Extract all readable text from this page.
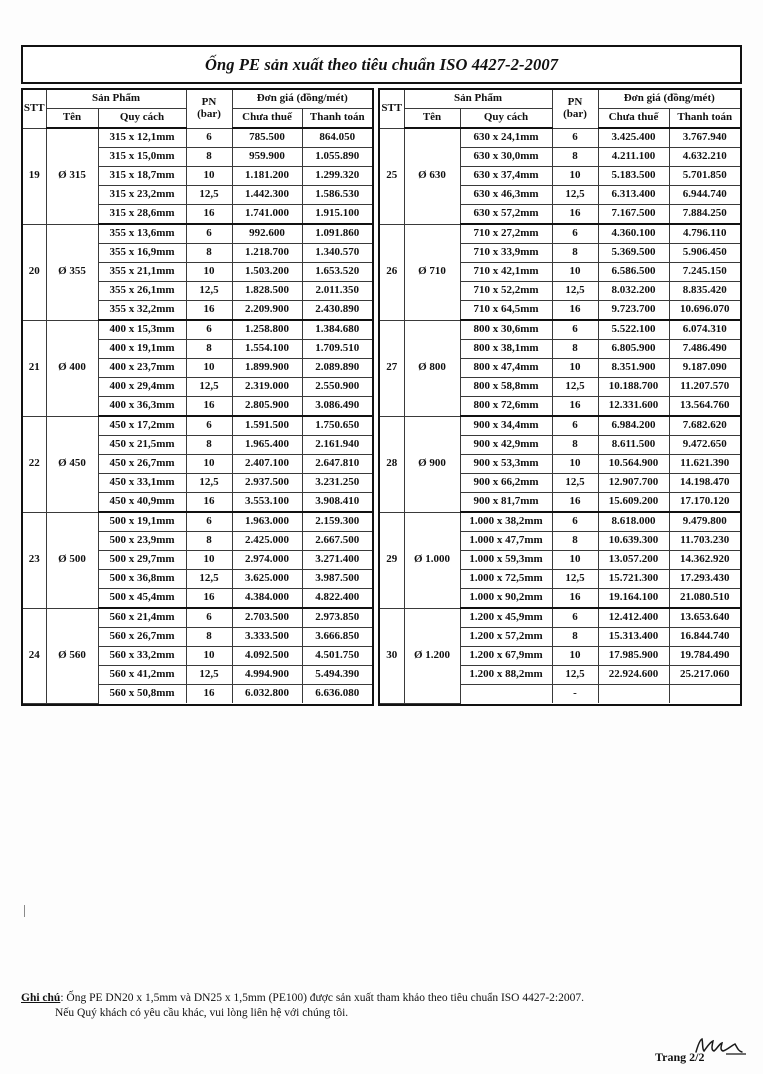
Ống PE sản xuất theo tiêu chuẩn ISO 4427-2-2007
STT	Sản Phẩm		PN
(bar)	Đơn giá (đồng/mét)	
	Tên	Quy cách		Chưa thuế	Thanh toán
19	Ø 315	315 x 12,1mm	6	785.500	864.050
		315 x 15,0mm	8	959.900	1.055.890
		315 x 18,7mm	10	1.181.200	1.299.320
		315 x 23,2mm	12,5	1.442.300	1.586.530
		315 x 28,6mm	16	1.741.000	1.915.100
20	Ø 355	355 x 13,6mm	6	992.600	1.091.860
		355 x 16,9mm	8	1.218.700	1.340.570
		355 x 21,1mm	10	1.503.200	1.653.520
		355 x 26,1mm	12,5	1.828.500	2.011.350
		355 x 32,2mm	16	2.209.900	2.430.890
21	Ø 400	400 x 15,3mm	6	1.258.800	1.384.680
		400 x 19,1mm	8	1.554.100	1.709.510
		400 x 23,7mm	10	1.899.900	2.089.890
		400 x 29,4mm	12,5	2.319.000	2.550.900
		400 x 36,3mm	16	2.805.900	3.086.490
22	Ø 450	450 x 17,2mm	6	1.591.500	1.750.650
		450 x 21,5mm	8	1.965.400	2.161.940
		450 x 26,7mm	10	2.407.100	2.647.810
		450 x 33,1mm	12,5	2.937.500	3.231.250
		450 x 40,9mm	16	3.553.100	3.908.410
23	Ø 500	500 x 19,1mm	6	1.963.000	2.159.300
		500 x 23,9mm	8	2.425.000	2.667.500
		500 x 29,7mm	10	2.974.000	3.271.400
		500 x 36,8mm	12,5	3.625.000	3.987.500
		500 x 45,4mm	16	4.384.000	4.822.400
24	Ø 560	560 x 21,4mm	6	2.703.500	2.973.850
		560 x 26,7mm	8	3.333.500	3.666.850
		560 x 33,2mm	10	4.092.500	4.501.750
		560 x 41,2mm	12,5	4.994.900	5.494.390
		560 x 50,8mm	16	6.032.800	6.636.080
STT	Sản Phẩm		PN
(bar)	Đơn giá (đồng/mét)	
	Tên	Quy cách		Chưa thuế	Thanh toán
25	Ø 630	630 x 24,1mm	6	3.425.400	3.767.940
		630 x 30,0mm	8	4.211.100	4.632.210
		630 x 37,4mm	10	5.183.500	5.701.850
		630 x 46,3mm	12,5	6.313.400	6.944.740
		630 x 57,2mm	16	7.167.500	7.884.250
26	Ø 710	710 x 27,2mm	6	4.360.100	4.796.110
		710 x 33,9mm	8	5.369.500	5.906.450
		710 x 42,1mm	10	6.586.500	7.245.150
		710 x 52,2mm	12,5	8.032.200	8.835.420
		710 x 64,5mm	16	9.723.700	10.696.070
27	Ø 800	800 x 30,6mm	6	5.522.100	6.074.310
		800 x 38,1mm	8	6.805.900	7.486.490
		800 x 47,4mm	10	8.351.900	9.187.090
		800 x 58,8mm	12,5	10.188.700	11.207.570
		800 x 72,6mm	16	12.331.600	13.564.760
28	Ø 900	900 x 34,4mm	6	6.984.200	7.682.620
		900 x 42,9mm	8	8.611.500	9.472.650
		900 x 53,3mm	10	10.564.900	11.621.390
		900 x 66,2mm	12,5	12.907.700	14.198.470
		900 x 81,7mm	16	15.609.200	17.170.120
29	Ø 1.000	1.000 x 38,2mm	6	8.618.000	9.479.800
		1.000 x 47,7mm	8	10.639.300	11.703.230
		1.000 x 59,3mm	10	13.057.200	14.362.920
		1.000 x 72,5mm	12,5	15.721.300	17.293.430
		1.000 x 90,2mm	16	19.164.100	21.080.510
30	Ø 1.200	1.200 x 45,9mm	6	12.412.400	13.653.640
		1.200 x 57,2mm	8	15.313.400	16.844.740
		1.200 x 67,9mm	10	17.985.900	19.784.490
		1.200 x 88,2mm	12,5	22.924.600	25.217.060
			-		

Ghi chú: Ống PE DN20 x 1,5mm và DN25 x 1,5mm (PE100) được sản xuất tham khảo theo tiêu chuẩn ISO 4427-2:2007.

Nếu Quý khách có yêu cầu khác, vui lòng liên hệ với chúng tôi.

Trang 2/2
